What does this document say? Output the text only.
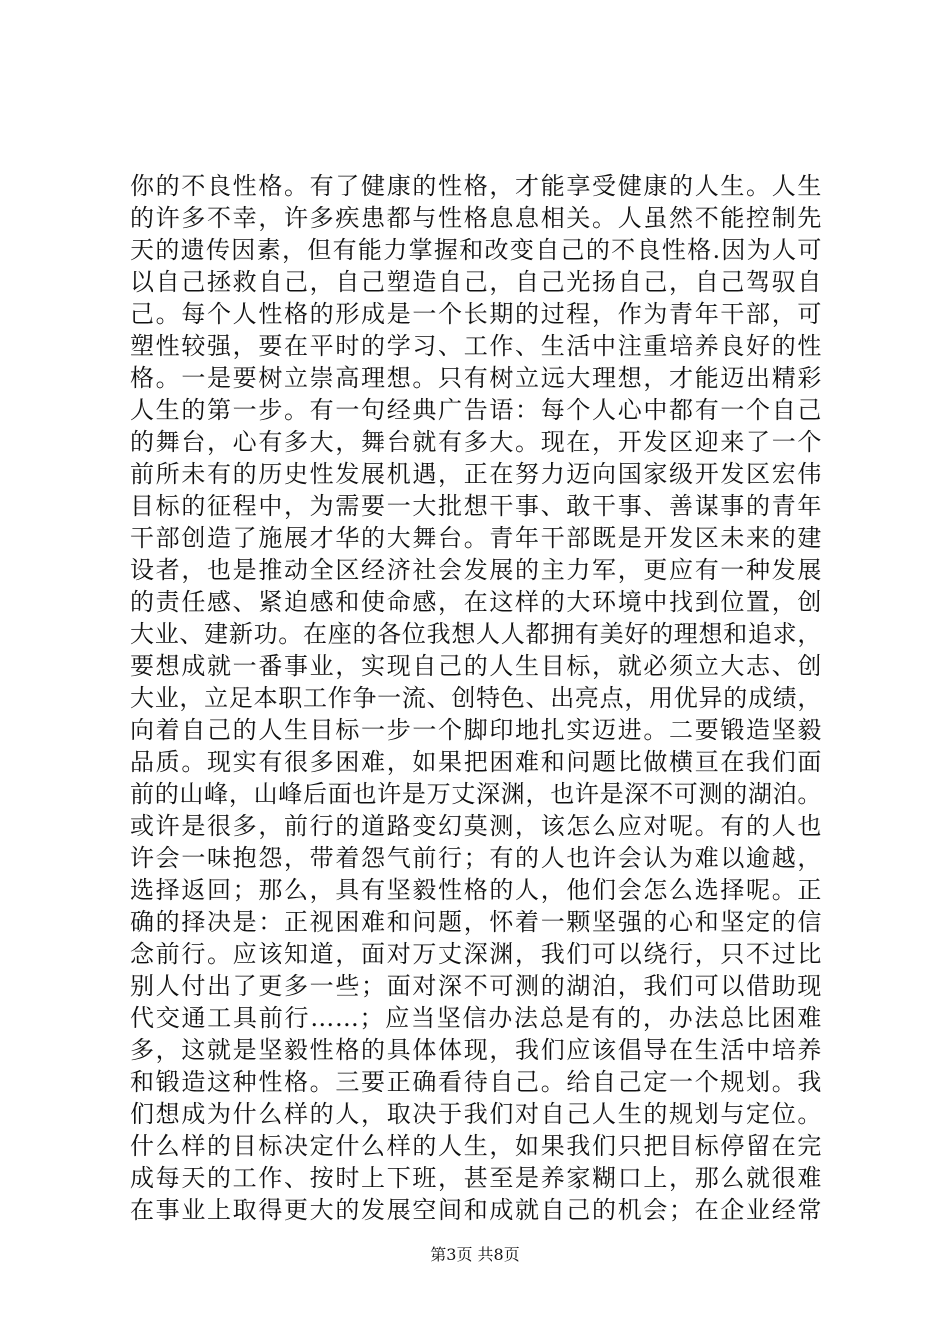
你的不良性格。有了健康的性格，才能享受健康的人生。人生
的许多不幸，许多疾患都与性格息息相关。人虽然不能控制先
天的遗传因素，但有能力掌握和改变自己的不良性格.因为人可
以自己拯救自己，自己塑造自己，自己光扬自己，自己驾驭自
己。每个人性格的形成是一个长期的过程，作为青年干部，可
塑性较强，要在平时的学习、工作、生活中注重培养良好的性
格。一是要树立崇高理想。只有树立远大理想，才能迈出精彩
人生的第一步。有一句经典广告语：每个人心中都有一个自己
的舞台，心有多大，舞台就有多大。现在，开发区迎来了一个
前所未有的历史性发展机遇，正在努力迈向国家级开发区宏伟
目标的征程中，为需要一大批想干事、敢干事、善谋事的青年
干部创造了施展才华的大舞台。青年干部既是开发区未来的建
设者，也是推动全区经济社会发展的主力军，更应有一种发展
的责任感、紧迫感和使命感，在这样的大环境中找到位置，创
大业、建新功。在座的各位我想人人都拥有美好的理想和追求，
要想成就一番事业，实现自己的人生目标，就必须立大志、创
大业，立足本职工作争一流、创特色、出亮点，用优异的成绩，
向着自己的人生目标一步一个脚印地扎实迈进。二要锻造坚毅
品质。现实有很多困难，如果把困难和问题比做横亘在我们面
前的山峰，山峰后面也许是万丈深渊，也许是深不可测的湖泊。
或许是很多，前行的道路变幻莫测，该怎么应对呢。有的人也
许会一味抱怨，带着怨气前行；有的人也许会认为难以逾越，
选择返回；那么，具有坚毅性格的人，他们会怎么选择呢。正
确的择决是：正视困难和问题，怀着一颗坚强的心和坚定的信
念前行。应该知道，面对万丈深渊，我们可以绕行，只不过比
别人付出了更多一些；面对深不可测的湖泊，我们可以借助现
代交通工具前行……；应当坚信办法总是有的，办法总比困难
多，这就是坚毅性格的具体体现，我们应该倡导在生活中培养
和锻造这种性格。三要正确看待自己。给自己定一个规划。我
们想成为什么样的人，取决于我们对自己人生的规划与定位。
什么样的目标决定什么样的人生，如果我们只把目标停留在完
成每天的工作、按时上下班，甚至是养家糊口上，那么就很难
在事业上取得更大的发展空间和成就自己的机会；在企业经常
第3页 共8页
